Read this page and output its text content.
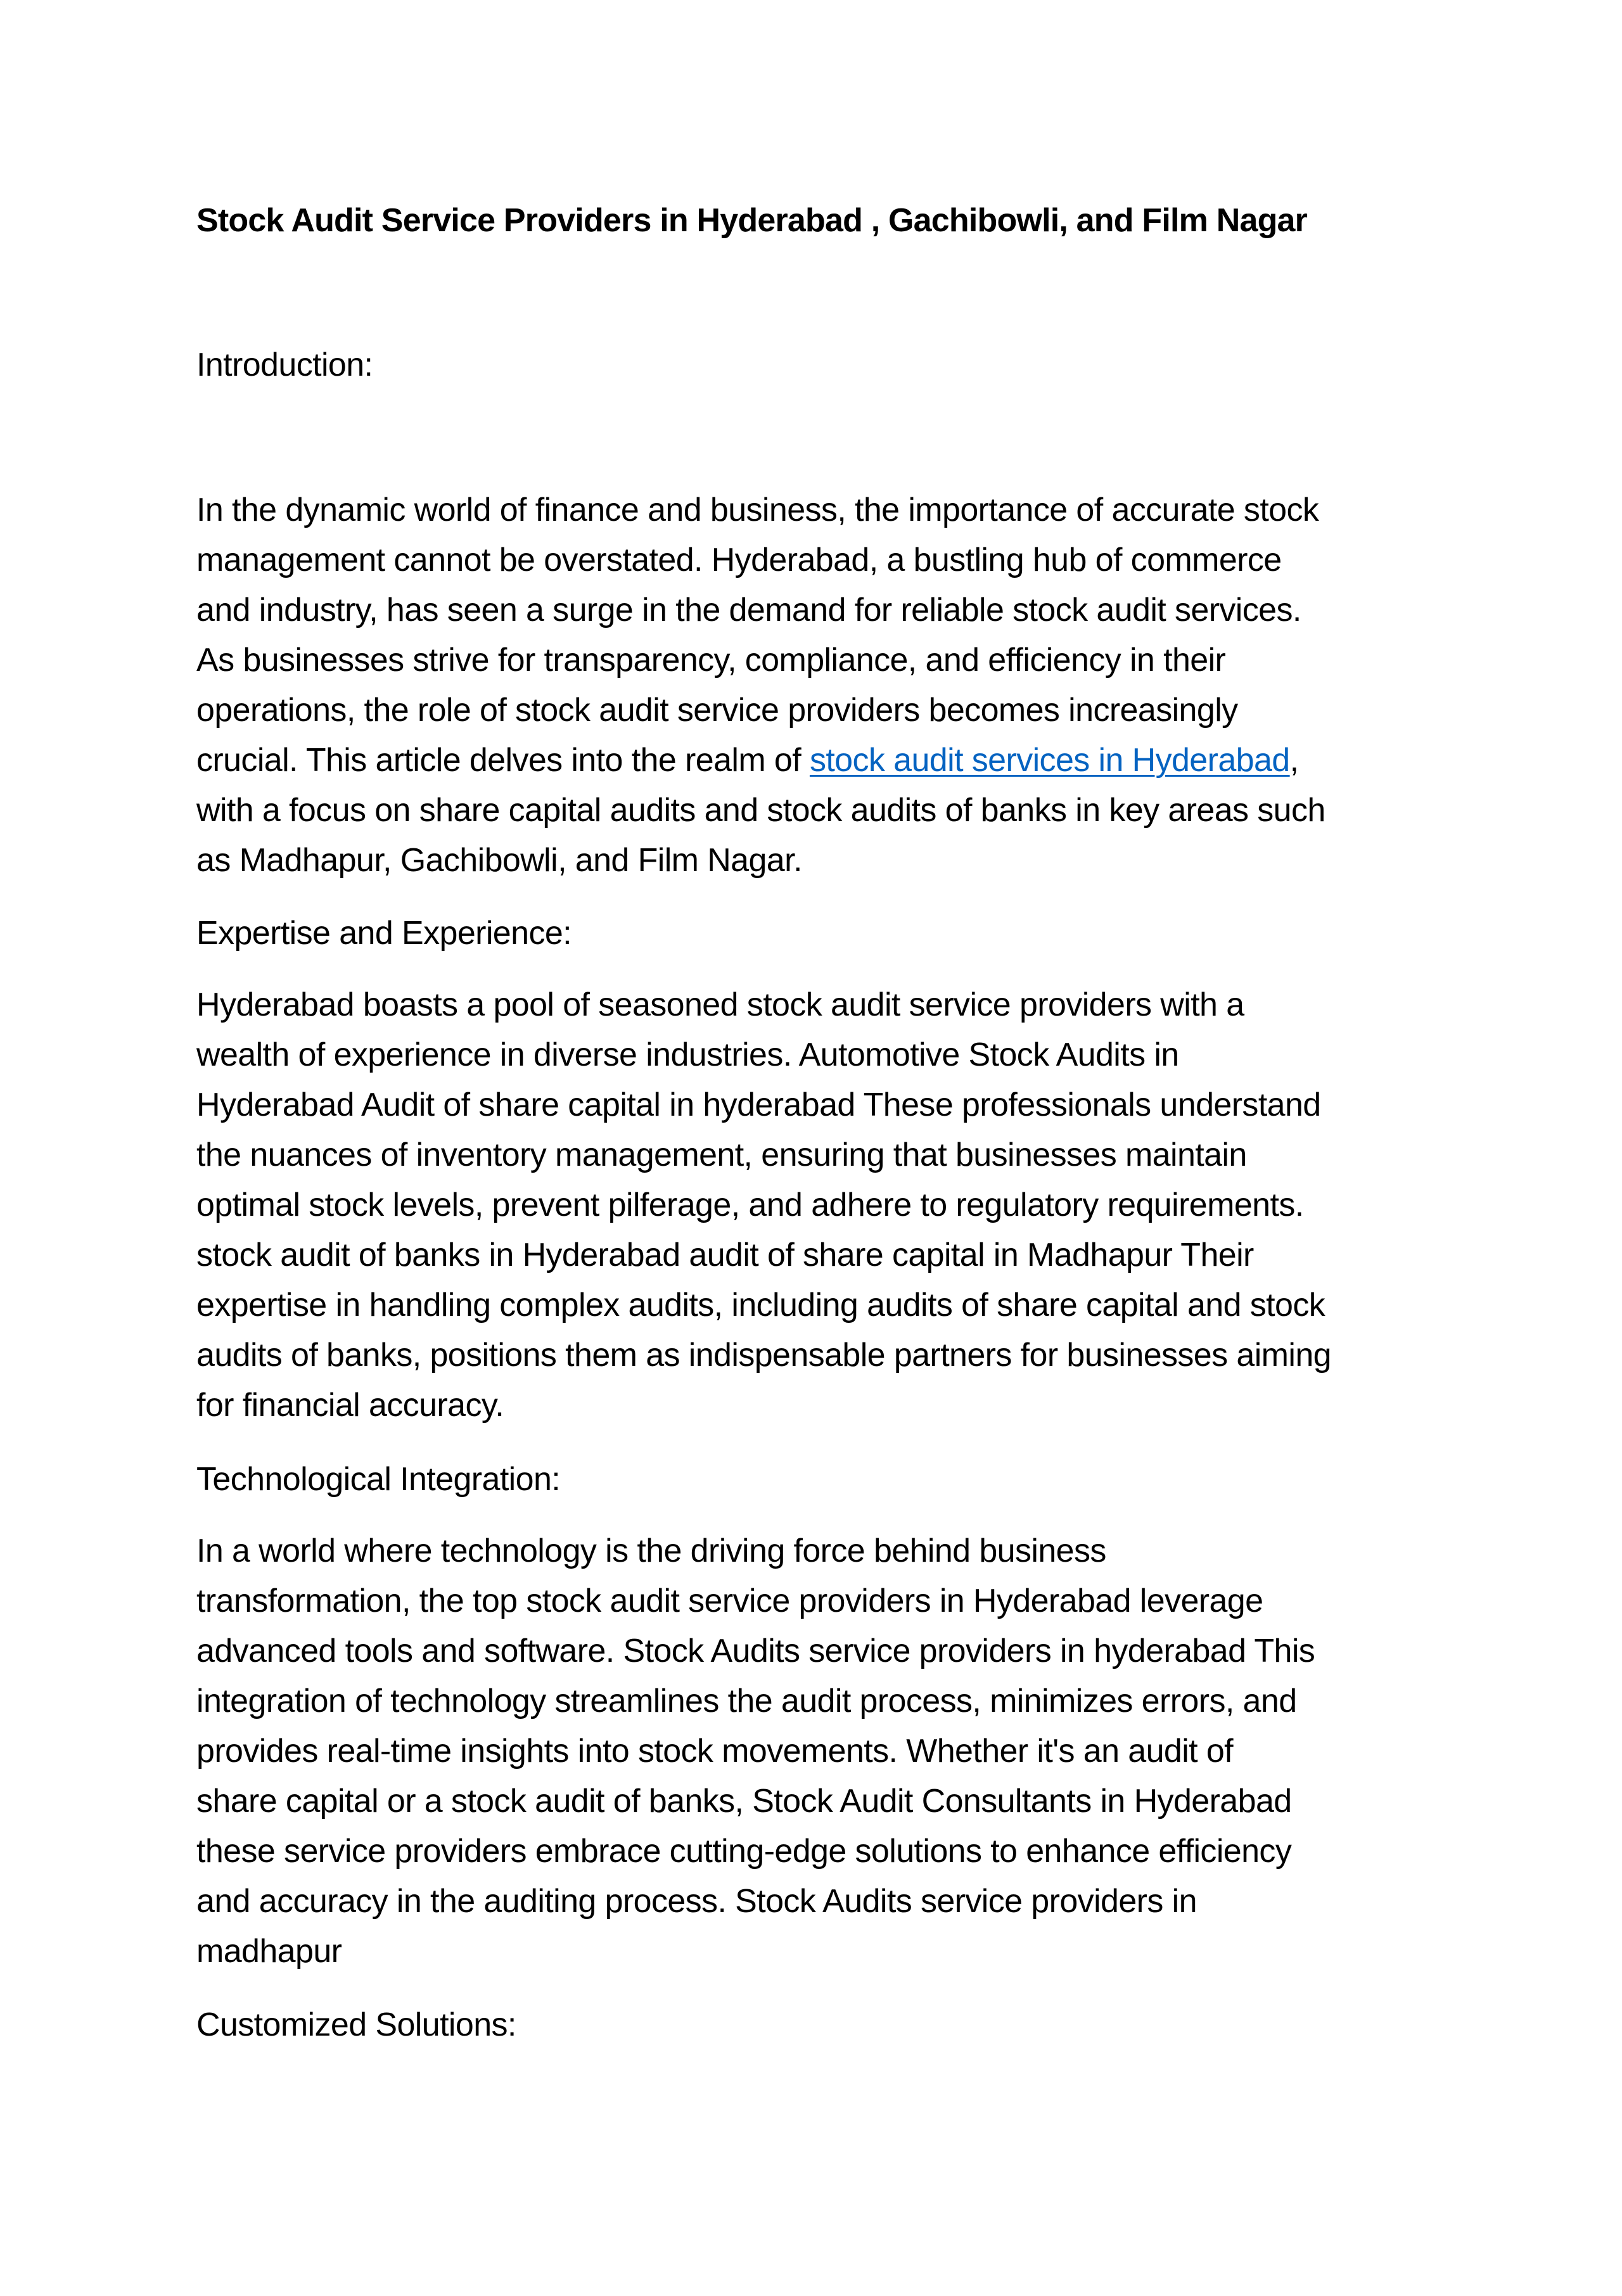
Stock Audit Service Providers in Hyderabad , Gachibowli, and Film Nagar
Introduction:
In the dynamic world of finance and business, the importance of accurate stock
management cannot be overstated. Hyderabad, a bustling hub of commerce
and industry, has seen a surge in the demand for reliable stock audit services.
As businesses strive for transparency, compliance, and efficiency in their
operations, the role of stock audit service providers becomes increasingly
crucial. This article delves into the realm of stock audit services in Hyderabad,
with a focus on share capital audits and stock audits of banks in key areas such
as Madhapur, Gachibowli, and Film Nagar.
Expertise and Experience:
Hyderabad boasts a pool of seasoned stock audit service providers with a
wealth of experience in diverse industries. Automotive Stock Audits in
Hyderabad Audit of share capital in hyderabad These professionals understand
the nuances of inventory management, ensuring that businesses maintain
optimal stock levels, prevent pilferage, and adhere to regulatory requirements.
stock audit of banks in Hyderabad audit of share capital in Madhapur Their
expertise in handling complex audits, including audits of share capital and stock
audits of banks, positions them as indispensable partners for businesses aiming
for financial accuracy.
Technological Integration:
In a world where technology is the driving force behind business
transformation, the top stock audit service providers in Hyderabad leverage
advanced tools and software. Stock Audits service providers in hyderabad This
integration of technology streamlines the audit process, minimizes errors, and
provides real-time insights into stock movements. Whether it's an audit of
share capital or a stock audit of banks, Stock Audit Consultants in Hyderabad
these service providers embrace cutting-edge solutions to enhance efficiency
and accuracy in the auditing process. Stock Audits service providers in
madhapur
Customized Solutions:
